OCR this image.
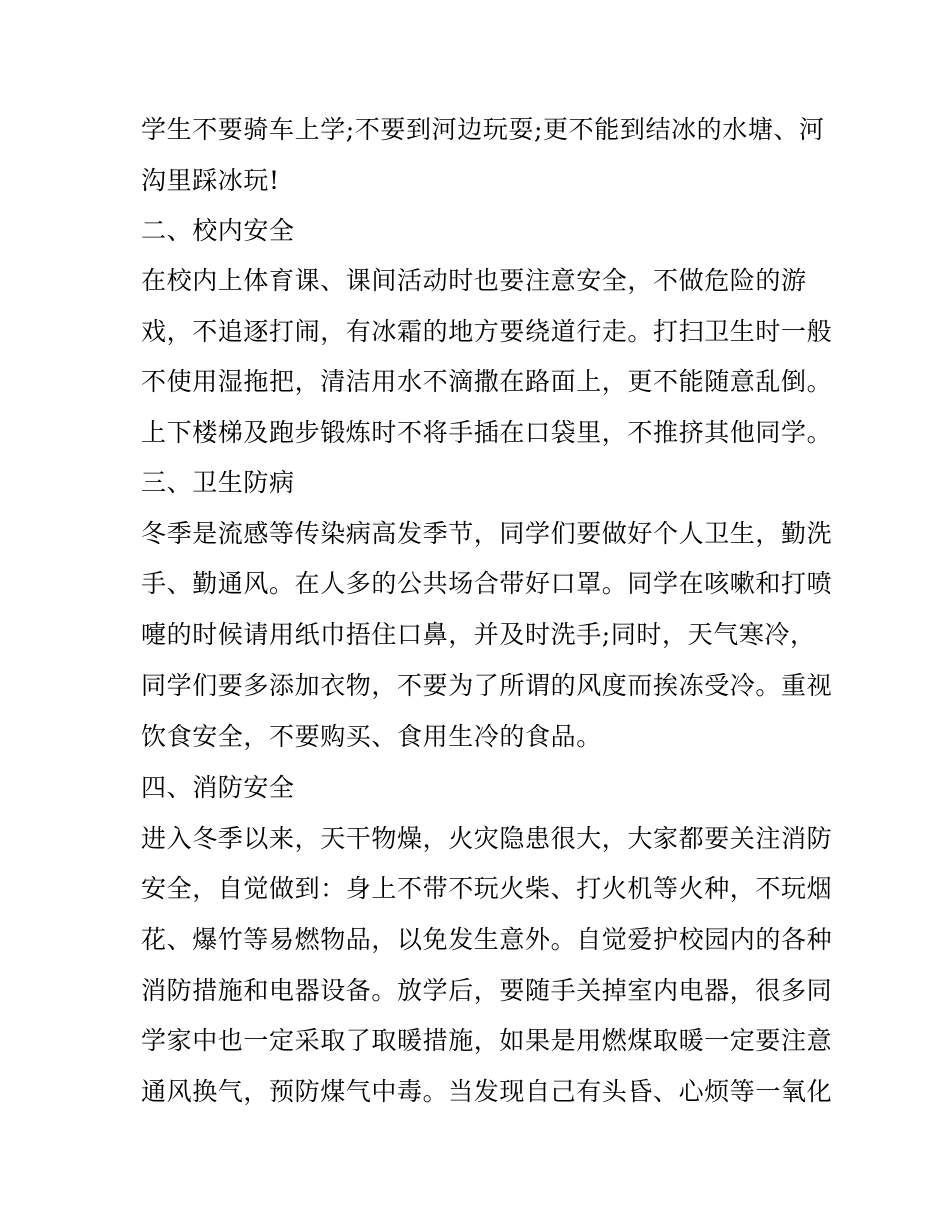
学生不要骑车上学;不要到河边玩耍;更不能到结冰的水塘、河
沟里踩冰玩!
二、校内安全
在校内上体育课、课间活动时也要注意安全，不做危险的游
戏，不追逐打闹，有冰霜的地方要绕道行走。打扫卫生时一般
不使用湿拖把，清洁用水不滴撒在路面上，更不能随意乱倒。
上下楼梯及跑步锻炼时不将手插在口袋里，不推挤其他同学。
三、卫生防病
冬季是流感等传染病高发季节，同学们要做好个人卫生，勤洗
手、勤通风。在人多的公共场合带好口罩。同学在咳嗽和打喷
嚏的时候请用纸巾捂住口鼻，并及时洗手;同时，天气寒冷，
同学们要多添加衣物，不要为了所谓的风度而挨冻受冷。重视
饮食安全，不要购买、食用生冷的食品。
四、消防安全
进入冬季以来，天干物燥，火灾隐患很大，大家都要关注消防
安全，自觉做到：身上不带不玩火柴、打火机等火种，不玩烟
花、爆竹等易燃物品，以免发生意外。自觉爱护校园内的各种
消防措施和电器设备。放学后，要随手关掉室内电器，很多同
学家中也一定采取了取暖措施，如果是用燃煤取暖一定要注意
通风换气，预防煤气中毒。当发现自己有头昏、心烦等一氧化
